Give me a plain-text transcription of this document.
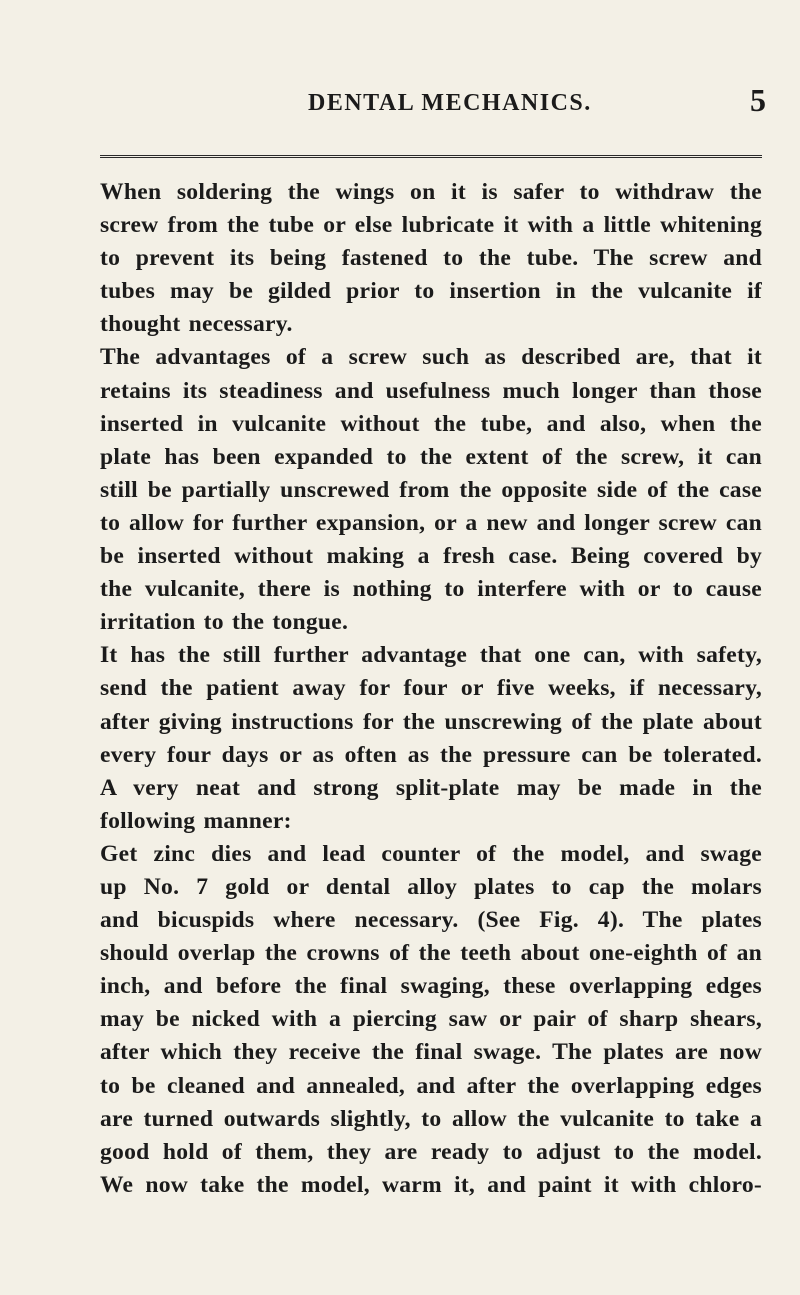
DENTAL MECHANICS.	5
When soldering the wings on it is safer to withdraw the
screw from the tube or else lubricate it with a little whitening
to prevent its being fastened to the tube. The screw and
tubes may be gilded prior to insertion in the vulcanite if
thought necessary.
The advantages of a screw such as described are, that it
retains its steadiness and usefulness much longer than those
inserted in vulcanite without the tube, and also, when the
plate has been expanded to the extent of the screw, it can
still be partially unscrewed from the opposite side of the case
to allow for further expansion, or a new and longer screw can
be inserted without making a fresh case. Being covered by
the vulcanite, there is nothing to interfere with or to cause
irritation to the tongue.
It has the still further advantage that one can, with safety,
send the patient away for four or five weeks, if necessary,
after giving instructions for the unscrewing of the plate about
every four days or as often as the pressure can be tolerated.
A very neat and strong split-plate may be made in the
following manner:
Get zinc dies and lead counter of the model, and swage
up No. 7 gold or dental alloy plates to cap the molars
and bicuspids where necessary. (See Fig. 4). The plates
should overlap the crowns of the teeth about one-eighth of an
inch, and before the final swaging, these overlapping edges
may be nicked with a piercing saw or pair of sharp shears,
after which they receive the final swage. The plates are now
to be cleaned and annealed, and after the overlapping edges
are turned outwards slightly, to allow the vulcanite to take a
good hold of them, they are ready to adjust to the model.
We now take the model, warm it, and paint it with chloro-
